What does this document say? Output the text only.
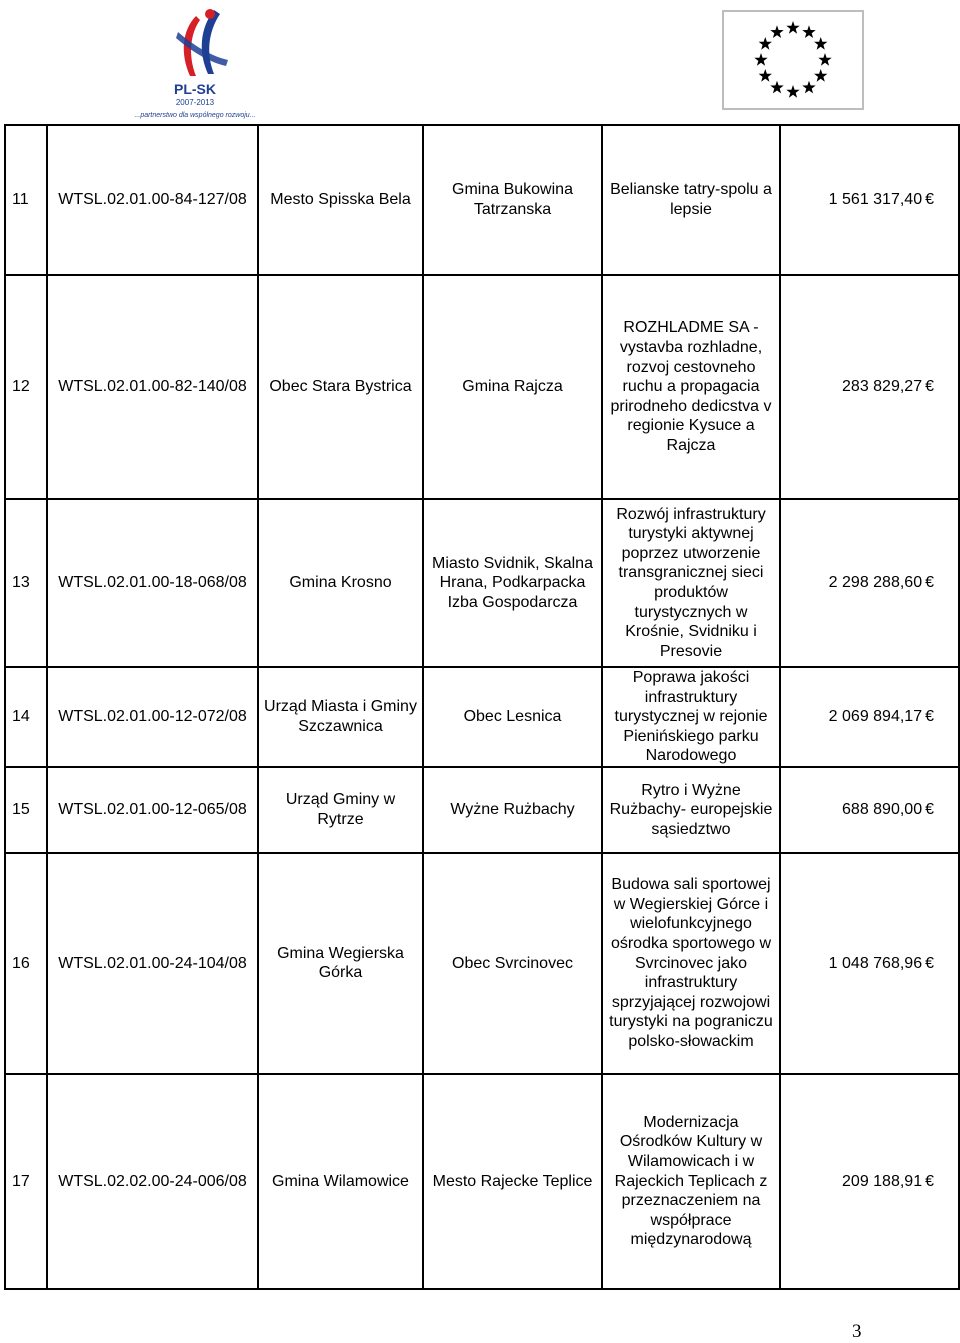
PL-SK
2007-2013
...partnerstwo dla wspólnego rozwoju...
11	WTSL.02.01.00-84-127/08	Mesto Spisska Bela	Gmina Bukowina Tatrzanska	Belianske tatry-spolu a lepsie	1 561 317,40 €
12	WTSL.02.01.00-82-140/08	Obec Stara Bystrica	Gmina Rajcza	ROZHLADME SA - vystavba rozhladne, rozvoj cestovneho ruchu a propagacia prirodneho dedicstva v regionie Kysuce a Rajcza	283 829,27 €
13	WTSL.02.01.00-18-068/08	Gmina Krosno	Miasto Svidnik, Skalna Hrana, Podkarpacka Izba Gospodarcza	Rozwój infrastruktury turystyki aktywnej poprzez utworzenie transgranicznej sieci produktów turystycznych w Krośnie, Svidniku i Presovie	2 298 288,60 €
14	WTSL.02.01.00-12-072/08	Urząd Miasta i Gminy Szczawnica	Obec Lesnica	Poprawa jakości infrastruktury turystycznej w rejonie Pienińskiego parku Narodowego	2 069 894,17 €
15	WTSL.02.01.00-12-065/08	Urząd Gminy w Rytrze	Wyżne Rużbachy	Rytro i Wyżne Rużbachy- europejskie sąsiedztwo	688 890,00 €
16	WTSL.02.01.00-24-104/08	Gmina Wegierska Górka	Obec Svrcinovec	Budowa sali sportowej w Wegierskiej Górce i wielofunkcyjnego ośrodka sportowego w Svrcinovec jako infrastruktury sprzyjającej rozwojowi turystyki na pograniczu polsko-słowackim	1 048 768,96 €
17	WTSL.02.02.00-24-006/08	Gmina Wilamowice	Mesto Rajecke Teplice	Modernizacja Ośrodków Kultury w Wilamowicach i w Rajeckich Teplicach z przeznaczeniem na współprace międzynarodową	209 188,91 €
3
